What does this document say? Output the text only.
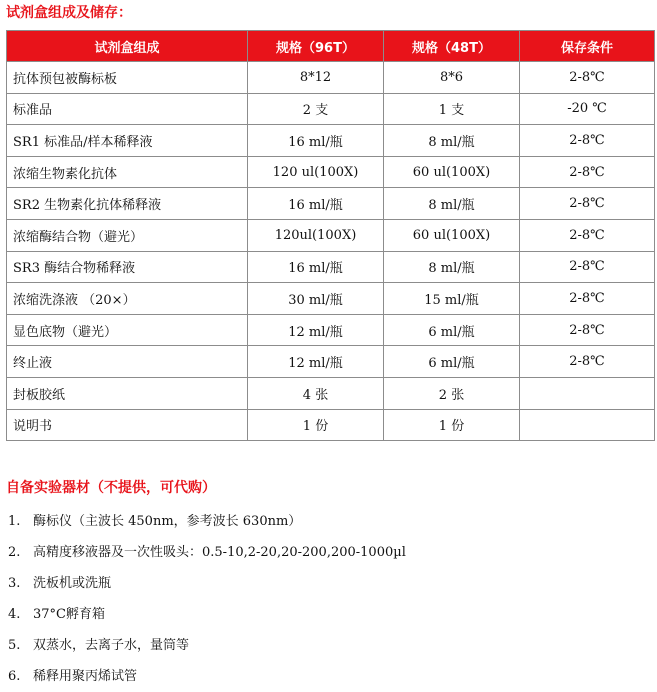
试剂盒组成及储存：
试剂盒组成	规格（96T）	规格（48T）	保存条件
抗体预包被酶标板	8*12	8*6	2-8℃
标准品	2 支	1 支	-20 ℃
SR1 标准品/样本稀释液	16 ml/瓶	8 ml/瓶	2-8℃
浓缩生物素化抗体	120 ul(100X)	60 ul(100X)	2-8℃
SR2 生物素化抗体稀释液	16 ml/瓶	8 ml/瓶	2-8℃
浓缩酶结合物（避光）	120ul(100X)	60 ul(100X)	2-8℃
SR3 酶结合物稀释液	16 ml/瓶	8 ml/瓶	2-8℃
浓缩洗涤液 （20×）	30 ml/瓶	15 ml/瓶	2-8℃
显色底物（避光）	12 ml/瓶	6 ml/瓶	2-8℃
终止液	12 ml/瓶	6 ml/瓶	2-8℃
封板胶纸	4 张	2 张	
说明书	1 份	1 份	
自备实验器材（不提供，可代购）
1. 酶标仪（主波长 450nm，参考波长 630nm）
2. 高精度移液器及一次性吸头：0.5-10,2-20,20-200,200-1000µl
3. 洗板机或洗瓶
4. 37°C孵育箱
5. 双蒸水，去离子水，量筒等
6. 稀释用聚丙烯试管
